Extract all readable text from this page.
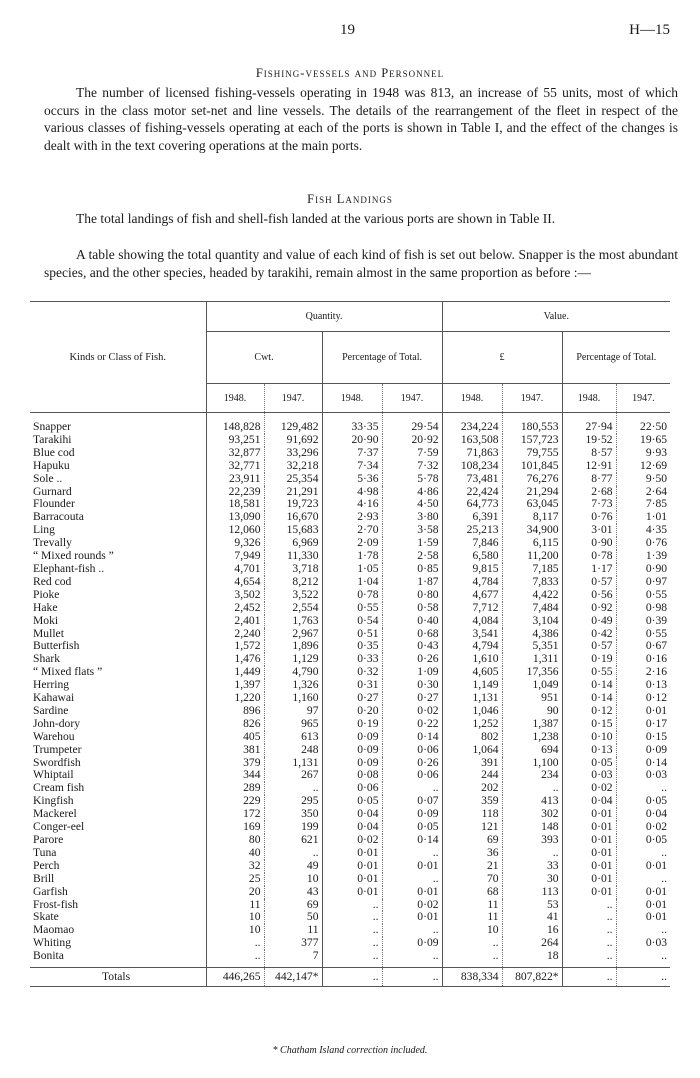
19	H—15
Fishing-vessels and Personnel

The number of licensed fishing-vessels operating in 1948 was 813, an increase of 55 units, most of which occurs in the class motor set-net and line vessels. The details of the rearrangement of the fleet in respect of the various classes of fishing-vessels operating at each of the ports is shown in Table I, and the effect of the changes is dealt with in the text covering operations at the main ports.

Fish Landings

The total landings of fish and shell-fish landed at the various ports are shown in Table II.

A table showing the total quantity and value of each kind of fish is set out below. Snapper is the most abundant species, and the other species, headed by tarakihi, remain almost in the same proportion as before :—

Kinds or Class of Fish.	Quantity.				Value.			
	Cwt.		Percentage of Total.		£		Percentage of Total.	
	1948.	1947.	1948.	1947.	1948.	1947.	1948.	1947.
Snapper	148,828	129,482	33·35	29·54	234,224	180,553	27·94	22·50
Tarakihi	93,251	91,692	20·90	20·92	163,508	157,723	19·52	19·65
Blue cod	32,877	33,296	7·37	7·59	71,863	79,755	8·57	9·93
Hapuku	32,771	32,218	7·34	7·32	108,234	101,845	12·91	12·69
Sole ..	23,911	25,354	5·36	5·78	73,481	76,276	8·77	9·50
Gurnard	22,239	21,291	4·98	4·86	22,424	21,294	2·68	2·64
Flounder	18,581	19,723	4·16	4·50	64,773	63,045	7·73	7·85
Barracouta	13,090	16,670	2·93	3·80	6,391	8,117	0·76	1·01
Ling	12,060	15,683	2·70	3·58	25,213	34,900	3·01	4·35
Trevally	9,326	6,969	2·09	1·59	7,846	6,115	0·90	0·76
“ Mixed rounds ”	7,949	11,330	1·78	2·58	6,580	11,200	0·78	1·39
Elephant-fish ..	4,701	3,718	1·05	0·85	9,815	7,185	1·17	0·90
Red cod	4,654	8,212	1·04	1·87	4,784	7,833	0·57	0·97
Pioke	3,502	3,522	0·78	0·80	4,677	4,422	0·56	0·55
Hake	2,452	2,554	0·55	0·58	7,712	7,484	0·92	0·98
Moki	2,401	1,763	0·54	0·40	4,084	3,104	0·49	0·39
Mullet	2,240	2,967	0·51	0·68	3,541	4,386	0·42	0·55
Butterfish	1,572	1,896	0·35	0·43	4,794	5,351	0·57	0·67
Shark	1,476	1,129	0·33	0·26	1,610	1,311	0·19	0·16
“ Mixed flats ”	1,449	4,790	0·32	1·09	4,605	17,356	0·55	2·16
Herring	1,397	1,326	0·31	0·30	1,149	1,049	0·14	0·13
Kahawai	1,220	1,160	0·27	0·27	1,131	951	0·14	0·12
Sardine	896	97	0·20	0·02	1,046	90	0·12	0·01
John-dory	826	965	0·19	0·22	1,252	1,387	0·15	0·17
Warehou	405	613	0·09	0·14	802	1,238	0·10	0·15
Trumpeter	381	248	0·09	0·06	1,064	694	0·13	0·09
Swordfish	379	1,131	0·09	0·26	391	1,100	0·05	0·14
Whiptail	344	267	0·08	0·06	244	234	0·03	0·03
Cream fish	289	..	0·06	..	202	..	0·02	..
Kingfish	229	295	0·05	0·07	359	413	0·04	0·05
Mackerel	172	350	0·04	0·09	118	302	0·01	0·04
Conger-eel	169	199	0·04	0·05	121	148	0·01	0·02
Parore	80	621	0·02	0·14	69	393	0·01	0·05
Tuna	40	..	0·01	..	36	..	0·01	..
Perch	32	49	0·01	0·01	21	33	0·01	0·01
Brill	25	10	0·01	..	70	30	0·01	..
Garfish	20	43	0·01	0·01	68	113	0·01	0·01
Frost-fish	11	69	..	0·02	11	53	..	0·01
Skate	10	50	..	0·01	11	41	..	0·01
Maomao	10	11	..	..	10	16	..	..
Whiting	..	377	..	0·09	..	264	..	0·03
Bonita	..	7	..	..	..	18	..	..
Totals	446,265	442,147*	..	..	838,334	807,822*	..	..
* Chatham Island correction included.
